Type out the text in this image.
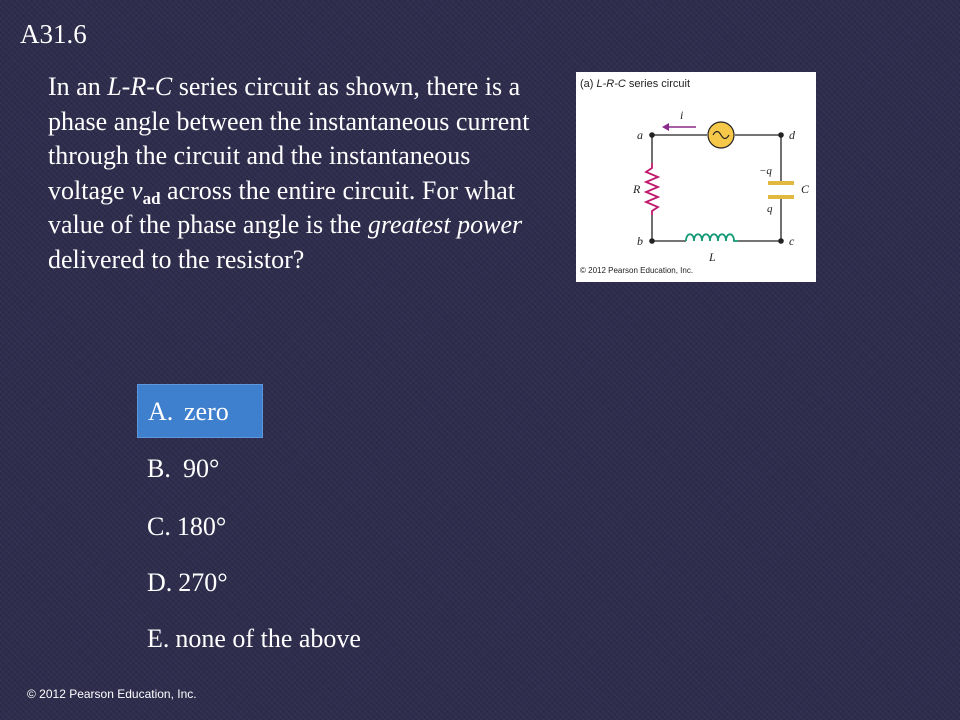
A31.6
In an L-R-C series circuit as shown, there is a phase angle between the instantaneous current through the circuit and the instantaneous voltage $v_{ad}$ across the entire circuit. For what value of the phase angle is the greatest power delivered to the resistor?
A. zero
B. 90°
C. 180°
D. 270°
E. none of the above
(a) L-R-C series circuit
i
R
L
C
−q
q
a	d
b	c
© 2012 Pearson Education, Inc.
© 2012 Pearson Education, Inc.
